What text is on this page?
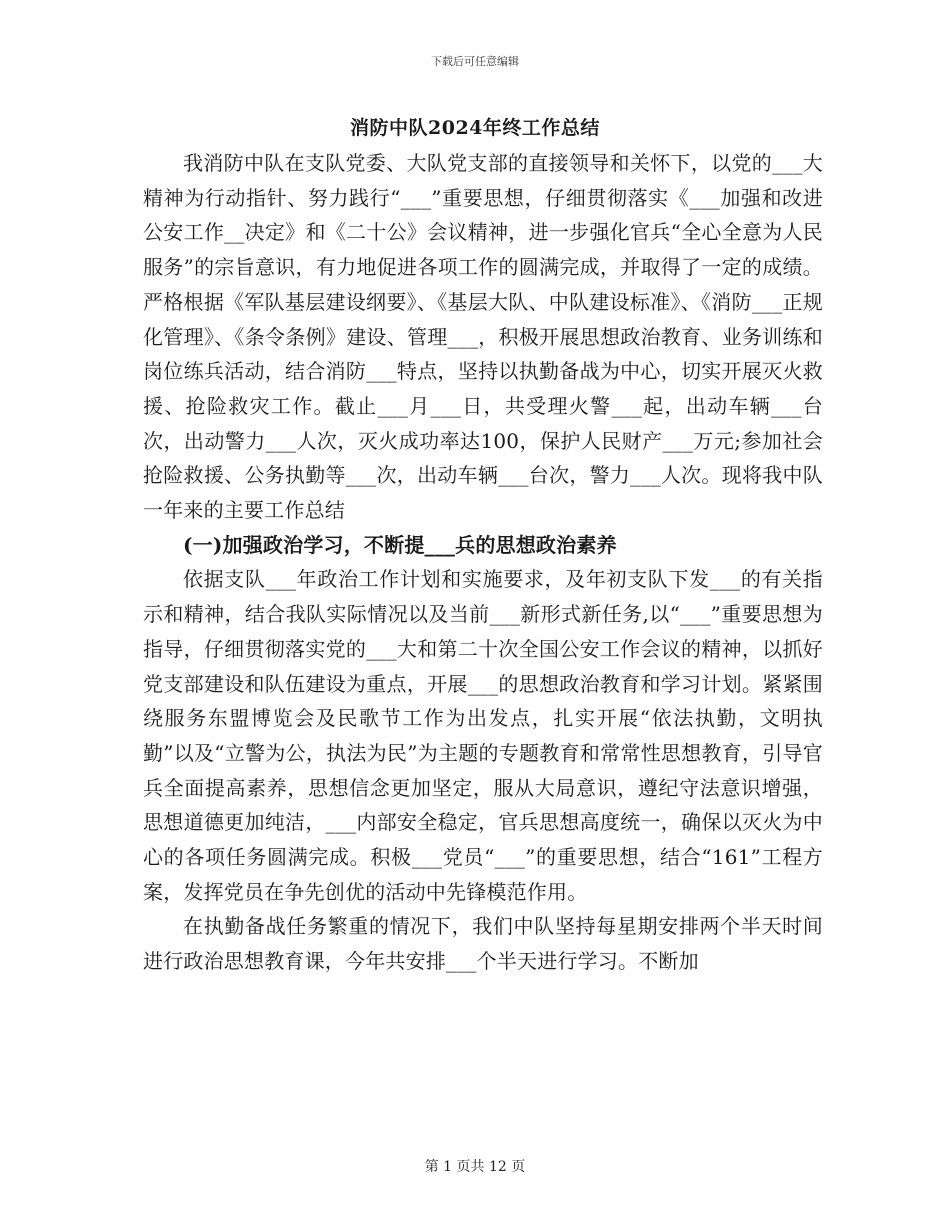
下载后可任意编辑
消防中队2024年终工作总结

我消防中队在支队党委、大队党支部的直接领导和关怀下，以党的___大精神为行动指针、努力践行“___”重要思想，仔细贯彻落实《___加强和改进公安工作__决定》和《二十公》会议精神，进一步强化官兵“全心全意为人民服务”的宗旨意识，有力地促进各项工作的圆满完成，并取得了一定的成绩。严格根据《军队基层建设纲要》、《基层大队、中队建设标准》、《消防___正规化管理》、《条令条例》建设、管理___，积极开展思想政治教育、业务训练和岗位练兵活动，结合消防___特点，坚持以执勤备战为中心，切实开展灭火救援、抢险救灾工作。截止___月___日，共受理火警___起，出动车辆___台次，出动警力___人次，灭火成功率达100，保护人民财产___万元;参加社会抢险救援、公务执勤等___次，出动车辆___台次，警力___人次。现将我中队一年来的主要工作总结

(一)加强政治学习，不断提___兵的思想政治素养

依据支队___年政治工作计划和实施要求，及年初支队下发___的有关指示和精神，结合我队实际情况以及当前___新形式新任务,以“___”重要思想为指导，仔细贯彻落实党的___大和第二十次全国公安工作会议的精神，以抓好党支部建设和队伍建设为重点，开展___的思想政治教育和学习计划。紧紧围绕服务东盟博览会及民歌节工作为出发点，扎实开展“依法执勤，文明执勤”以及“立警为公，执法为民”为主题的专题教育和常常性思想教育，引导官兵全面提高素养，思想信念更加坚定，服从大局意识，遵纪守法意识增强，思想道德更加纯洁，___内部安全稳定，官兵思想高度统一，确保以灭火为中心的各项任务圆满完成。积极___党员“___”的重要思想，结合“161”工程方案，发挥党员在争先创优的活动中先锋模范作用。

在执勤备战任务繁重的情况下，我们中队坚持每星期安排两个半天时间进行政治思想教育课，今年共安排___个半天进行学习。不断加

第 1 页共 12 页
